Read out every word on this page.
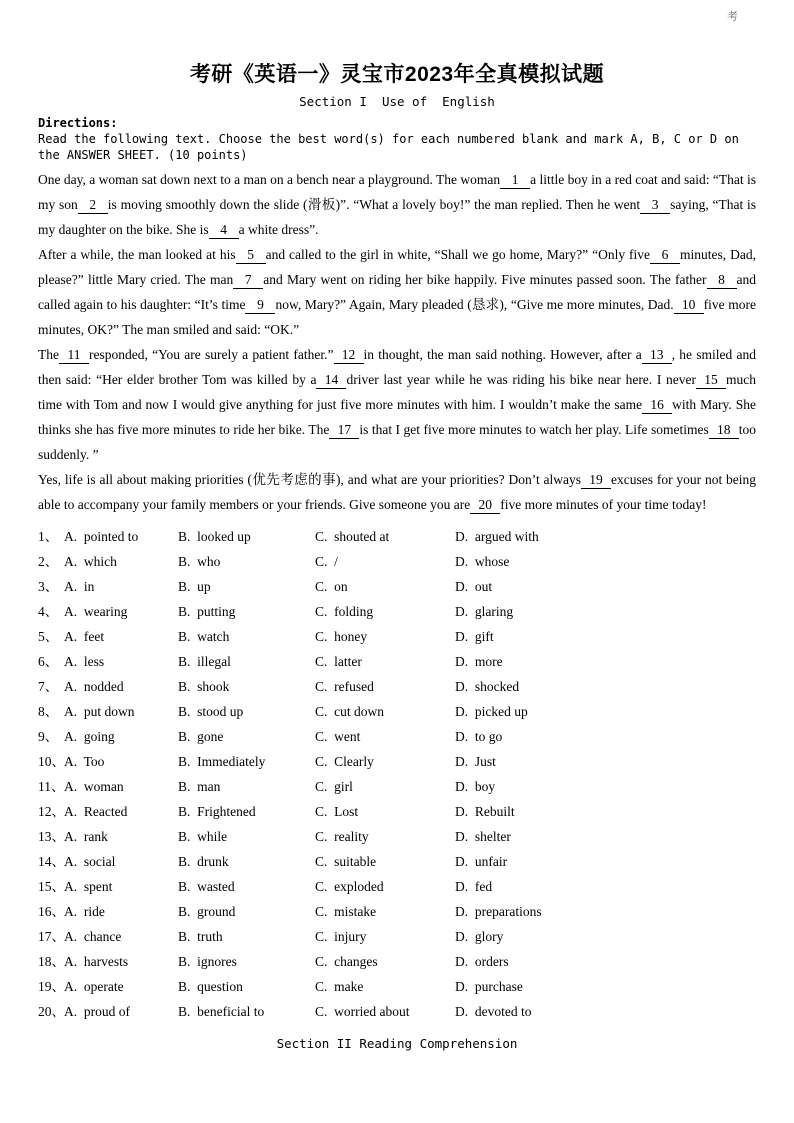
考
考研《英语一》灵宝市2023年全真模拟试题
Section I  Use of  English
Directions:
Read the following text. Choose the best word(s) for each numbered blank and mark A, B, C or D on the ANSWER SHEET. (10 points)

One day, a woman sat down next to a man on a bench near a playground. The woman 1 a little boy in a red coat and said: “That is my son 2 is moving smoothly down the slide (滑板)”. “What a lovely boy!” the man replied. Then he went 3 saying, “That is my daughter on the bike. She is 4 a white dress”.

After a while, the man looked at his 5 and called to the girl in white, “Shall we go home, Mary?” “Only five 6 minutes, Dad, please?” little Mary cried. The man 7 and Mary went on riding her bike happily. Five minutes passed soon. The father 8 and called again to his daughter: “It’s time 9 now, Mary?” Again, Mary pleaded (恳求), “Give me more minutes, Dad. 10 five more minutes, OK?” The man smiled and said: “OK.”

The 11 responded, “You are surely a patient father.” 12 in thought, the man said nothing. However, after a 13 , he smiled and then said: “Her elder brother Tom was killed by a 14 driver last year while he was riding his bike near here. I never 15 much time with Tom and now I would give anything for just five more minutes with him. I wouldn’t make the same 16 with Mary. She thinks she has five more minutes to ride her bike. The 17 is that I get five more minutes to watch her play. Life sometimes 18 too suddenly. ”

Yes, life is all about making priorities (优先考虑的事), and what are your priorities? Don’t always 19 excuses for your not being able to accompany your family members or your friends. Give someone you are 20 five more minutes of your time today!

1、 A.  pointed to	B.  looked up	C.  shouted at	D.  argued with
2、 A.  which	B.  who	C.  /	D.  whose
3、 A.  in	B.  up	C.  on	D.  out
4、 A.  wearing	B.  putting	C.  folding	D.  glaring
5、 A.  feet	B.  watch	C.  honey	D.  gift
6、 A.  less	B.  illegal	C.  latter	D.  more
7、 A.  nodded	B.  shook	C.  refused	D.  shocked
8、 A.  put down	B.  stood up	C.  cut down	D.  picked up
9、 A.  going	B.  gone	C.  went	D.  to go
10、 A.  Too	B.  Immediately	C.  Clearly	D.  Just
11、 A.  woman	B.  man	C.  girl	D.  boy
12、 A.  Reacted	B.  Frightened	C.  Lost	D.  Rebuilt
13、 A.  rank	B.  while	C.  reality	D.  shelter
14、 A.  social	B.  drunk	C.  suitable	D.  unfair
15、 A.  spent	B.  wasted	C.  exploded	D.  fed
16、 A.  ride	B.  ground	C.  mistake	D.  preparations
17、 A.  chance	B.  truth	C.  injury	D.  glory
18、 A.  harvests	B.  ignores	C.  changes	D.  orders
19、 A.  operate	B.  question	C.  make	D.  purchase
20、 A.  proud of	B.  beneficial to	C.  worried about	D.  devoted to
Section II Reading Comprehension
